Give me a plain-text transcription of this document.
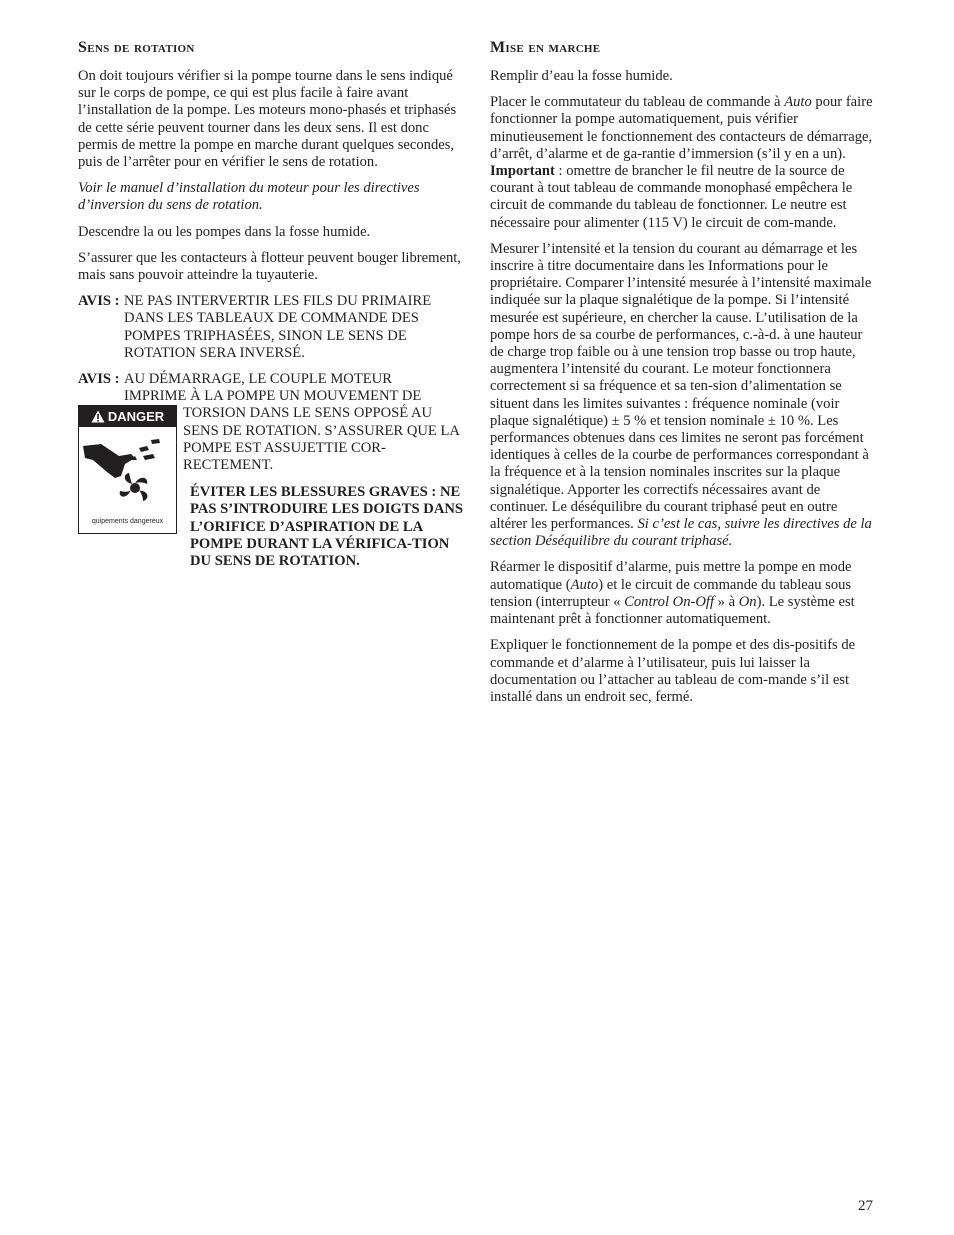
Sens de rotation

On doit toujours vérifier si la pompe tourne dans le sens indiqué sur le corps de pompe, ce qui est plus facile à faire avant l’installation de la pompe. Les moteurs mono-phasés et triphasés de cette série peuvent tourner dans les deux sens. Il est donc permis de mettre la pompe en marche durant quelques secondes, puis de l’arrêter pour en vérifier le sens de rotation.

Voir le manuel d’installation du moteur pour les directives d’inversion du sens de rotation.

Descendre la ou les pompes dans la fosse humide.

S’assurer que les contacteurs à flotteur peuvent bouger librement, mais sans pouvoir atteindre la tuyauterie.

AVIS : NE PAS INTERVERTIR LES FILS DU PRIMAIRE DANS LES TABLEAUX DE COMMANDE DES POMPES TRIPHASÉES, SINON LE SENS DE ROTATION SERA INVERSÉ.
AVIS : AU DÉMARRAGE, LE COUPLE MOTEUR
IMPRIME À LA POMPE UN MOUVEMENT DE
DANGER
quipements dangereux
TORSION DANS LE SENS OPPOSÉ AU SENS DE ROTATION. S’ASSURER QUE LA POMPE EST ASSUJETTIE COR-RECTEMENT.
ÉVITER LES BLESSURES GRAVES : NE PAS S’INTRODUIRE LES DOIGTS DANS L’ORIFICE D’ASPIRATION DE LA POMPE DURANT LA VÉRIFICA-TION DU SENS DE ROTATION.
Mise en marche

Remplir d’eau la fosse humide.

Placer le commutateur du tableau de commande à Auto pour faire fonctionner la pompe automatiquement, puis vérifier minutieusement le fonctionnement des contacteurs de démarrage, d’arrêt, d’alarme et de ga-rantie d’immersion (s’il y en a un). Important : omettre de brancher le fil neutre de la source de courant à tout tableau de commande monophasé empêchera le circuit de commande du tableau de fonctionner. Le neutre est nécessaire pour alimenter (115 V) le circuit de com-mande.

Mesurer l’intensité et la tension du courant au démarrage et les inscrire à titre documentaire dans les Informations pour le propriétaire. Comparer l’intensité mesurée à l’intensité maximale indiquée sur la plaque signalétique de la pompe. Si l’intensité mesurée est supérieure, en chercher la cause. L’utilisation de la pompe hors de sa courbe de performances, c.-à-d. à une hauteur de charge trop faible ou à une tension trop basse ou trop haute, augmentera l’intensité du courant. Le moteur fonctionnera correctement si sa fréquence et sa ten-sion d’alimentation se situent dans les limites suivantes : fréquence nominale (voir plaque signalétique) ± 5 % et tension nominale ± 10 %. Les performances obtenues dans ces limites ne seront pas forcément identiques à celles de la courbe de performances correspondant à la fréquence et à la tension nominales inscrites sur la plaque signalétique. Apporter les correctifs nécessaires avant de continuer. Le déséquilibre du courant triphasé peut en outre altérer les performances. Si c’est le cas, suivre les directives de la section Déséquilibre du courant triphasé.

Réarmer le dispositif d’alarme, puis mettre la pompe en mode automatique (Auto) et le circuit de commande du tableau sous tension (interrupteur « Control On-Off » à On). Le système est maintenant prêt à fonctionner automatiquement.

Expliquer le fonctionnement de la pompe et des dis-positifs de commande et d’alarme à l’utilisateur, puis lui laisser la documentation ou l’attacher au tableau de com-mande s’il est installé dans un endroit sec, fermé.

27
